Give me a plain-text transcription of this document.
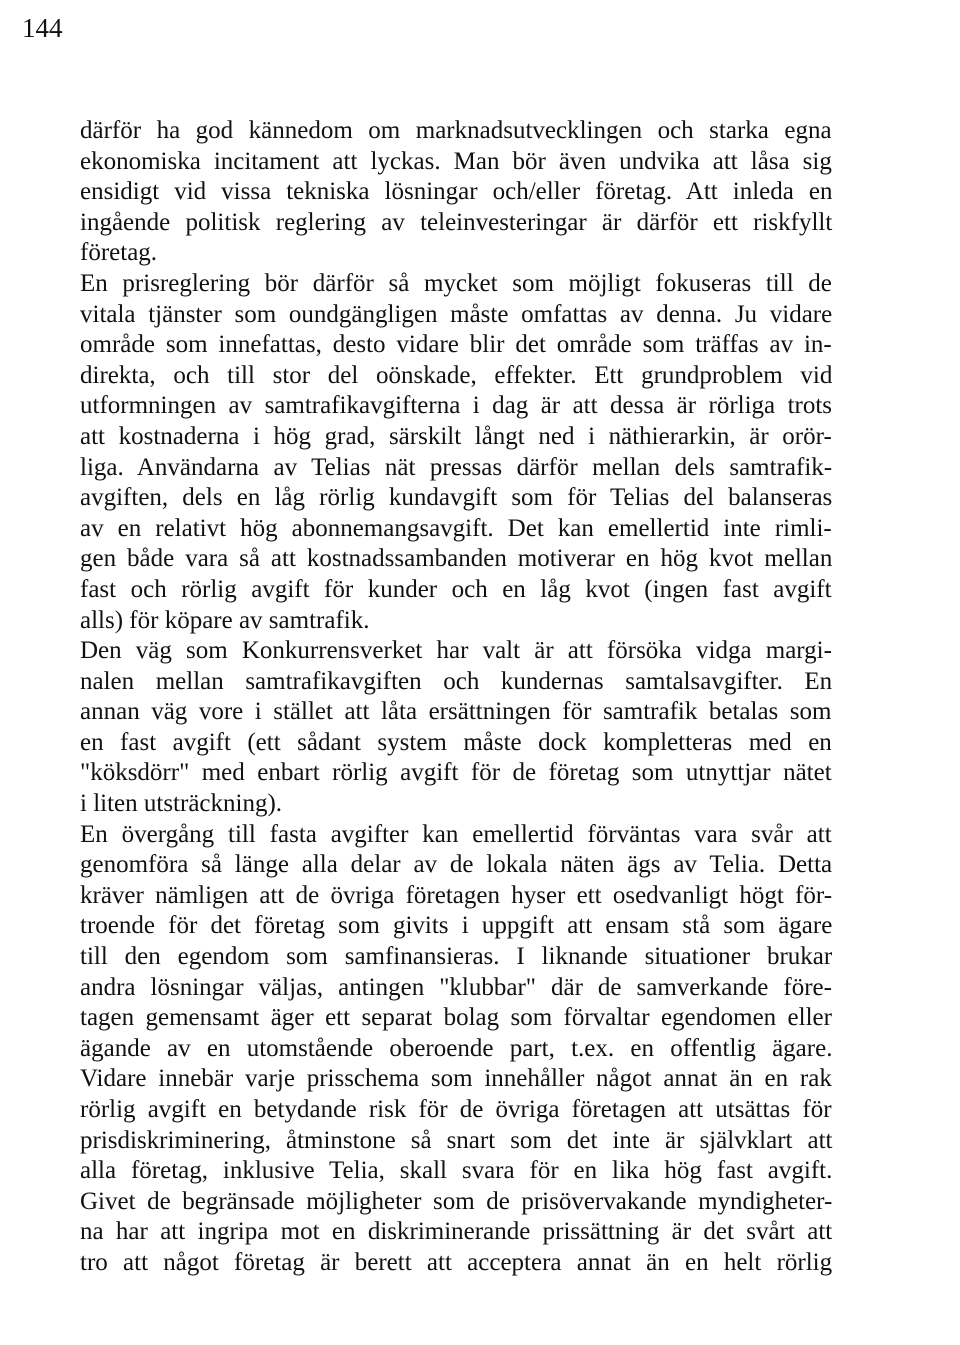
144
därför ha god kännedom om marknadsutvecklingen och starka egna
ekonomiska incitament att lyckas. Man bör även undvika att låsa sig
ensidigt vid vissa tekniska lösningar och/eller företag. Att inleda en
ingående politisk reglering av teleinvesteringar är därför ett riskfyllt
företag.
En prisreglering bör därför så mycket som möjligt fokuseras till de
vitala tjänster som oundgängligen måste omfattas av denna. Ju vidare
område som innefattas, desto vidare blir det område som träffas av in-
direkta, och till stor del oönskade, effekter. Ett grundproblem vid
utformningen av samtrafikavgifterna i dag är att dessa är rörliga trots
att kostnaderna i hög grad, särskilt långt ned i näthierarkin, är orör-
liga. Användarna av Telias nät pressas därför mellan dels samtrafik-
avgiften, dels en låg rörlig kundavgift som för Telias del balanseras
av en relativt hög abonnemangsavgift. Det kan emellertid inte rimli-
gen både vara så att kostnadssambanden motiverar en hög kvot mellan
fast och rörlig avgift för kunder och en låg kvot (ingen fast avgift
alls) för köpare av samtrafik.
Den väg som Konkurrensverket har valt är att försöka vidga margi-
nalen mellan samtrafikavgiften och kundernas samtalsavgifter. En
annan väg vore i stället att låta ersättningen för samtrafik betalas som
en fast avgift (ett sådant system måste dock kompletteras med en
"köksdörr" med enbart rörlig avgift för de företag som utnyttjar nätet
i liten utsträckning).
En övergång till fasta avgifter kan emellertid förväntas vara svår att
genomföra så länge alla delar av de lokala näten ägs av Telia. Detta
kräver nämligen att de övriga företagen hyser ett osedvanligt högt för-
troende för det företag som givits i uppgift att ensam stå som ägare
till den egendom som samfinansieras. I liknande situationer brukar
andra lösningar väljas, antingen "klubbar" där de samverkande före-
tagen gemensamt äger ett separat bolag som förvaltar egendomen eller
ägande av en utomstående oberoende part, t.ex. en offentlig ägare.
Vidare innebär varje prisschema som innehåller något annat än en rak
rörlig avgift en betydande risk för de övriga företagen att utsättas för
prisdiskriminering, åtminstone så snart som det inte är självklart att
alla företag, inklusive Telia, skall svara för en lika hög fast avgift.
Givet de begränsade möjligheter som de prisövervakande myndigheter-
na har att ingripa mot en diskriminerande prissättning är det svårt att
tro att något företag är berett att acceptera annat än en helt rörlig
